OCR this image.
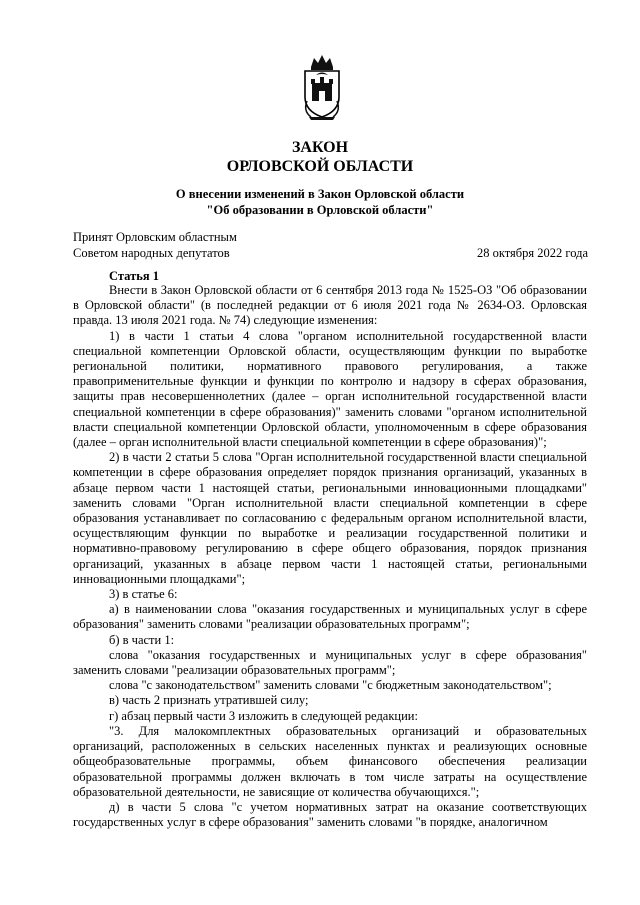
ЗАКОН
ОРЛОВСКОЙ ОБЛАСТИ
О внесении изменений в Закон Орловской области
"Об образовании в Орловской области"
Принят Орловским областным
Советом народных депутатов	28 октября 2022 года
Статья 1

Внести в Закон Орловской области от 6 сентября 2013 года № 1525-ОЗ "Об образовании в Орловской области" (в последней редакции от 6 июля 2021 года № 2634-ОЗ. Орловская правда. 13 июля 2021 года. № 74) следующие изменения:

1) в части 1 статьи 4 слова "органом исполнительной государственной власти специальной компетенции Орловской области, осуществляющим функции по выработке региональной политики, нормативного правового регулирования, а также правоприменительные функции и функции по контролю и надзору в сферах образования, защиты прав несовершеннолетних (далее – орган исполнительной государственной власти специальной компетенции в сфере образования)" заменить словами "органом исполнительной власти специальной компетенции Орловской области, уполномоченным в сфере образования (далее – орган исполнительной власти специальной компетенции в сфере образования)";

2) в части 2 статьи 5 слова "Орган исполнительной государственной власти специальной компетенции в сфере образования определяет порядок признания организаций, указанных в абзаце первом части 1 настоящей статьи, региональными инновационными площадками" заменить словами "Орган исполнительной власти специальной компетенции в сфере образования устанавливает по согласованию с федеральным органом исполнительной власти, осуществляющим функции по выработке и реализации государственной политики и нормативно-правовому регулированию в сфере общего образования, порядок признания организаций, указанных в абзаце первом части 1 настоящей статьи, региональными инновационными площадками";

3) в статье 6:

а) в наименовании слова "оказания государственных и муниципальных услуг в сфере образования" заменить словами "реализации образовательных программ";

б) в части 1:

слова "оказания государственных и муниципальных услуг в сфере образования" заменить словами "реализации образовательных программ";

слова "с законодательством" заменить словами "с бюджетным законодательством";

в) часть 2 признать утратившей силу;

г) абзац первый части 3 изложить в следующей редакции:

"3. Для малокомплектных образовательных организаций и образовательных организаций, расположенных в сельских населенных пунктах и реализующих основные общеобразовательные программы, объем финансового обеспечения реализации образовательной программы должен включать в том числе затраты на осуществление образовательной деятельности, не зависящие от количества обучающихся.";

д) в части 5 слова "с учетом нормативных затрат на оказание соответствующих государственных услуг в сфере образования" заменить словами "в порядке, аналогичном
